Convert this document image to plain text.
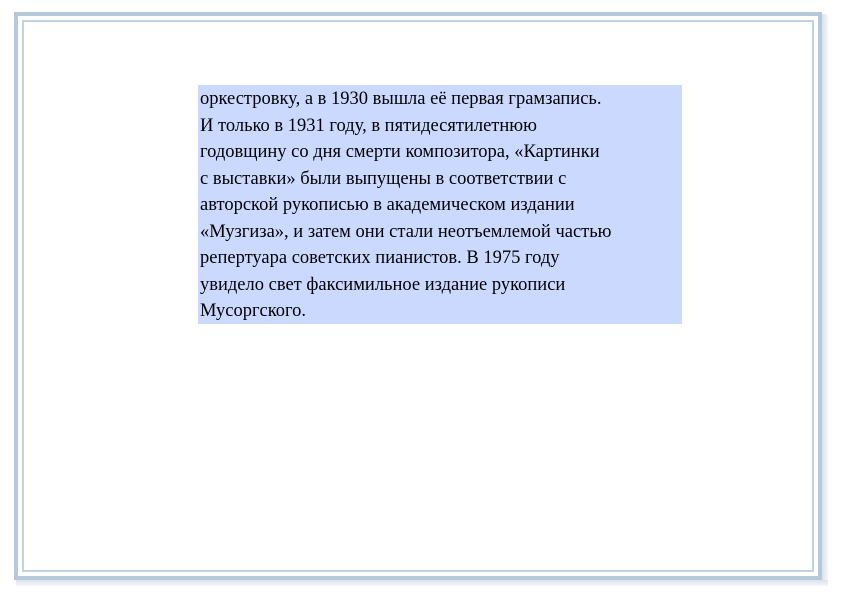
оркестровку, а в 1930 вышла её первая грамзапись.
И только в 1931 году, в пятидесятилетнюю
годовщину со дня смерти композитора, «Картинки
с выставки» были выпущены в соответствии с
авторской рукописью в академическом издании
«Музгиза», и затем они стали неотъемлемой частью
репертуара советских пианистов. В 1975 году
увидело свет факсимильное издание рукописи
Мусоргского.
